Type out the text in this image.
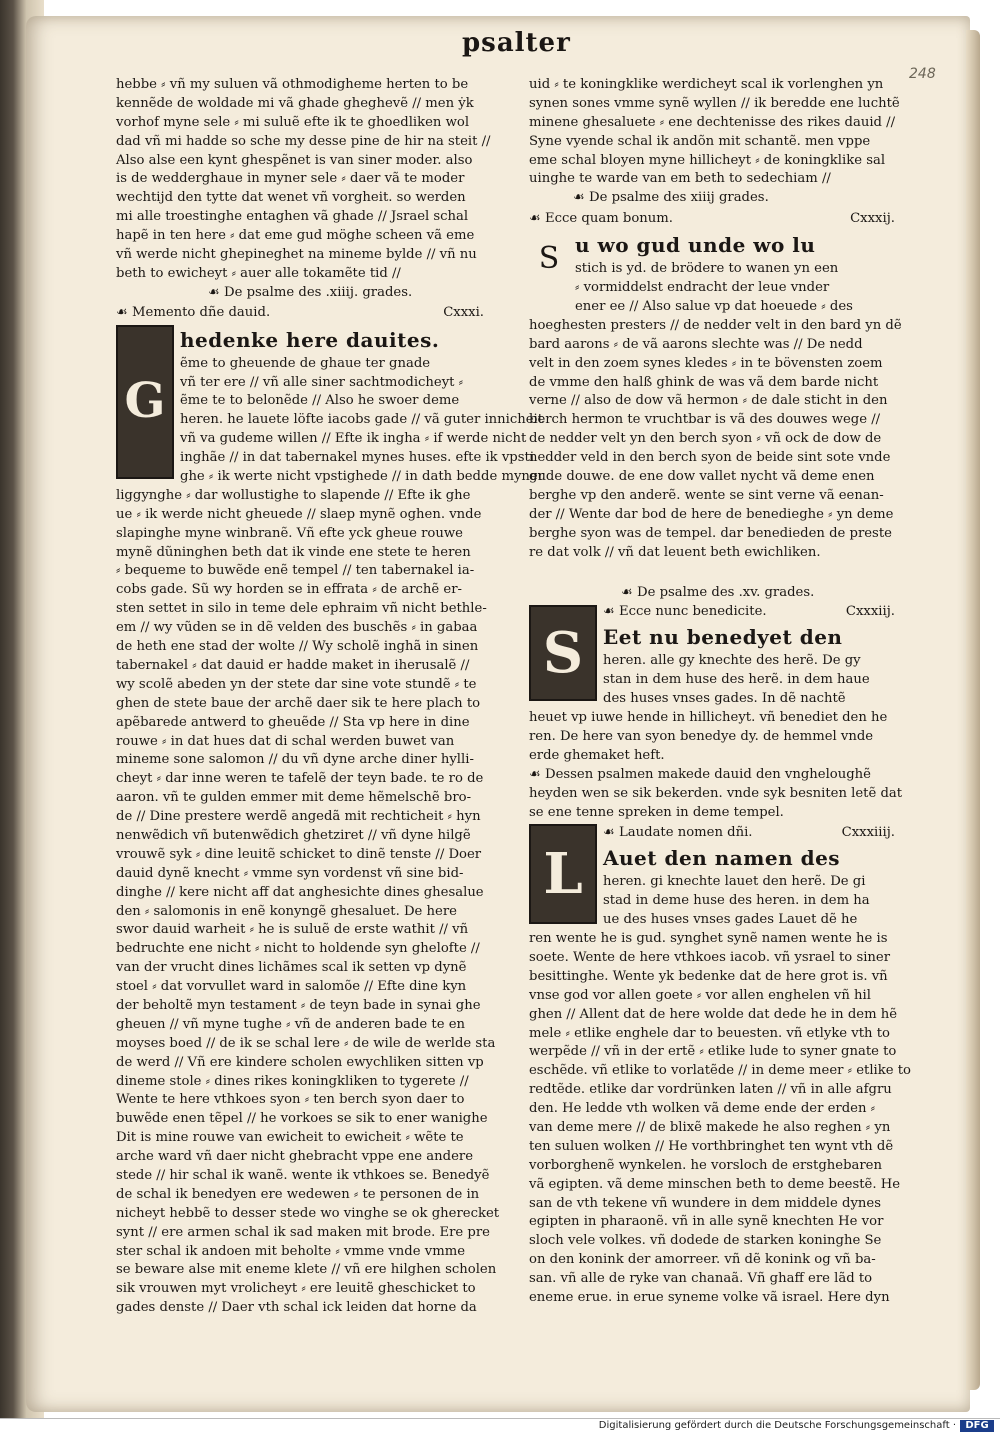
psalter
248
hebbe ⸗ vñ my suluen vã othmodigheme herten to be
kennẽde de woldade mi vã ghade gheghevẽ // men ẏk
vorhof myne sele ⸗ mi suluẽ efte ik te ghoedliken wol
dad vñ mi hadde so sche my desse pine de hir na steit //
Also alse een kynt ghespẽnet is van siner moder. also
is de wedderghaue in myner sele ⸗ daer vã te moder
wechtijd den tytte dat wenet vñ vorgheit. so werden
mi alle troestinghe entaghen vã ghade // Jsrael schal
hapẽ in ten here ⸗ dat eme gud möghe scheen vã eme
vñ werde nicht ghepineghet na mineme bylde // vñ nu
beth to ewicheyt ⸗ auer alle tokamẽte tid //
☙ De psalme des .xiiij. grades.
☙ Memento dñe dauid.	Cxxxi.
G
hedenke here dauites.
ẽme to gheuende de ghaue ter gnade
vñ ter ere // vñ alle siner sachtmodicheyt ⸗
ẽme te to belonẽde // Also he swoer deme
heren. he lauete löfte iacobs gade // vã guter innicheit
vñ va gudeme willen // Efte ik ingha ⸗ if werde nicht
inghãe // in dat tabernakel mynes huses. efte ik vpsti
ghe ⸗ ik werte nicht vpstighede // in dath bedde myner
liggynghe ⸗ dar wollustighe to slapende // Efte ik ghe
ue ⸗ ik werde nicht gheuede // slaep mynẽ oghen. vnde
slapinghe myne winbranẽ. Vñ efte yck gheue rouwe
mynẽ dũninghen beth dat ik vinde ene stete te heren
⸗ bequeme to buwẽde enẽ tempel // ten tabernakel ia-
cobs gade. Sũ wy horden se in effrata ⸗ de archẽ er-
sten settet in silo in teme dele ephraim vñ nicht bethle-
em // wy vũden se in dẽ velden des buschẽs ⸗ in gabaa
de heth ene stad der wolte // Wy scholẽ inghã in sinen
tabernakel ⸗ dat dauid er hadde maket in iherusalẽ //
wy scolẽ abeden yn der stete dar sine vote stundẽ ⸗ te
ghen de stete baue der archẽ daer sik te here plach to
apẽbarede antwerd to gheuẽde // Sta vp here in dine
rouwe ⸗ in dat hues dat di schal werden buwet van
mineme sone salomon // du vñ dyne arche diner hylli-
cheyt ⸗ dar inne weren te tafelẽ der teyn bade. te ro de
aaron. vñ te gulden emmer mit deme hẽmelschẽ bro-
de // Dine prestere werdẽ angedã mit rechticheit ⸗ hyn
nenwẽdich vñ butenwẽdich ghetziret // vñ dyne hilgẽ
vrouwẽ syk ⸗ dine leuitẽ schicket to dinẽ tenste // Doer
dauid dynẽ knecht ⸗ vmme syn vordenst vñ sine bid-
dinghe // kere nicht aff dat anghesichte dines ghesalue
den ⸗ salomonis in enẽ konyngẽ ghesaluet. De here
swor dauid warheit ⸗ he is suluẽ de erste wathit // vñ
bedruchte ene nicht ⸗ nicht to holdende syn ghelofte //
van der vrucht dines lichãmes scal ik setten vp dynẽ
stoel ⸗ dat vorvullet ward in salomõe // Efte dine kyn
der beholtẽ myn testament ⸗ de teyn bade in synai ghe
gheuen // vñ myne tughe ⸗ vñ de anderen bade te en
moyses boed // de ik se schal lere ⸗ de wile de werlde sta
de werd // Vñ ere kindere scholen ewychliken sitten vp
dineme stole ⸗ dines rikes koningkliken to tygerete //
Wente te here vthkoes syon ⸗ ten berch syon daer to
buwẽde enen tẽpel // he vorkoes se sik to ener wanighe
Dit is mine rouwe van ewicheit to ewicheit ⸗ wẽte te
arche ward vñ daer nicht ghebracht vppe ene andere
stede // hir schal ik wanẽ. wente ik vthkoes se. Benedyẽ
de schal ik benedyen ere wedewen ⸗ te personen de in
nicheyt hebbẽ to desser stede wo vinghe se ok gherecket
synt // ere armen schal ik sad maken mit brode. Ere pre
ster schal ik andoen mit beholte ⸗ vmme vnde vmme
se beware alse mit eneme klete // vñ ere hilghen scholen
sik vrouwen myt vrolicheyt ⸗ ere leuitẽ gheschicket to
gades denste // Daer vth schal ick leiden dat horne da
uid ⸗ te koningklike werdicheyt scal ik vorlenghen yn
synen sones vmme synẽ wyllen // ik beredde ene luchtẽ
minene ghesaluete ⸗ ene dechtenisse des rikes dauid //
Syne vyende schal ik andõn mit schantẽ. men vppe
eme schal bloyen myne hillicheyt ⸗ de koningklike sal
uinghe te warde van em beth to sedechiam //
☙ De psalme des xiiij grades.
☙ Ecce quam bonum.	Cxxxij.
S u wo gud unde wo lu
stich is yd. de brödere to wanen yn een
⸗ vormiddelst endracht der leue vnder
ener ee // Also salue vp dat hoeuede ⸗ des
hoeghesten presters // de nedder velt in den bard yn dẽ
bard aarons ⸗ de vã aarons slechte was // De nedd
velt in den zoem synes kledes ⸗ in te bövensten zoem
de vmme den halß ghink de was vã dem barde nicht
verne // also de dow vã hermon ⸗ de dale sticht in den
berch hermon te vruchtbar is vã des douwes wege //
de nedder velt yn den berch syon ⸗ vñ ock de dow de
nedder veld in den berch syon de beide sint sote vnde
gude douwe. de ene dow vallet nycht vã deme enen
berghe vp den anderẽ. wente se sint verne vã eenan-
der // Wente dar bod de here de benedieghe ⸗ yn deme
berghe syon was de tempel. dar benedieden de preste
re dat volk // vñ dat leuent beth ewichliken.
☙ De psalme des .xv. grades.
S
☙ Ecce nunc benedicite.	Cxxxiij.
Eet nu benedyet den
heren. alle gy knechte des herẽ. De gy
stan in dem huse des herẽ. in dem haue
des huses vnses gades. In dẽ nachtẽ
heuet vp iuwe hende in hillicheyt. vñ benediet den he
ren. De here van syon benedye dy. de hemmel vnde
erde ghemaket heft.
☙ Dessen psalmen makede dauid den vngheloughẽ
heyden wen se sik bekerden. vnde syk besniten letẽ dat
se ene tenne spreken in deme tempel.
L
☙ Laudate nomen dñi.	Cxxxiiij.
Auet den namen des
heren. gi knechte lauet den herẽ. De gi
stad in deme huse des heren. in dem ha
ue des huses vnses gades Lauet dẽ he
ren wente he is gud. synghet synẽ namen wente he is
soete. Wente de here vthkoes iacob. vñ ysrael to siner
besittinghe. Wente yk bedenke dat de here grot is. vñ
vnse god vor allen goete ⸗ vor allen enghelen vñ hil
ghen // Allent dat de here wolde dat dede he in dem hẽ
mele ⸗ etlike enghele dar to beuesten. vñ etlyke vth to
werpẽde // vñ in der ertẽ ⸗ etlike lude to syner gnate to
eschẽde. vñ etlike to vorlatẽde // in deme meer ⸗ etlike to
redtẽde. etlike dar vordrünken laten // vñ in alle afgru
den. He ledde vth wolken vã deme ende der erden ⸗
van deme mere // de blixẽ makede he also reghen ⸗ yn
ten suluen wolken // He vorthbringhet ten wynt vth dẽ
vorborghenẽ wynkelen. he vorsloch de erstghebaren
vã egipten. vã deme minschen beth to deme beestẽ. He
san de vth tekene vñ wundere in dem middele dynes
egipten in pharaonẽ. vñ in alle synẽ knechten He vor
sloch vele volkes. vñ dodede de starken koninghe Se
on den konink der amorreer. vñ dẽ konink og vñ ba-
san. vñ alle de ryke van chanaã. Vñ ghaff ere lãd to
eneme erue. in erue syneme volke vã israel. Here dyn
Digitalisierung gefördert durch die Deutsche Forschungsgemeinschaft · DFG
